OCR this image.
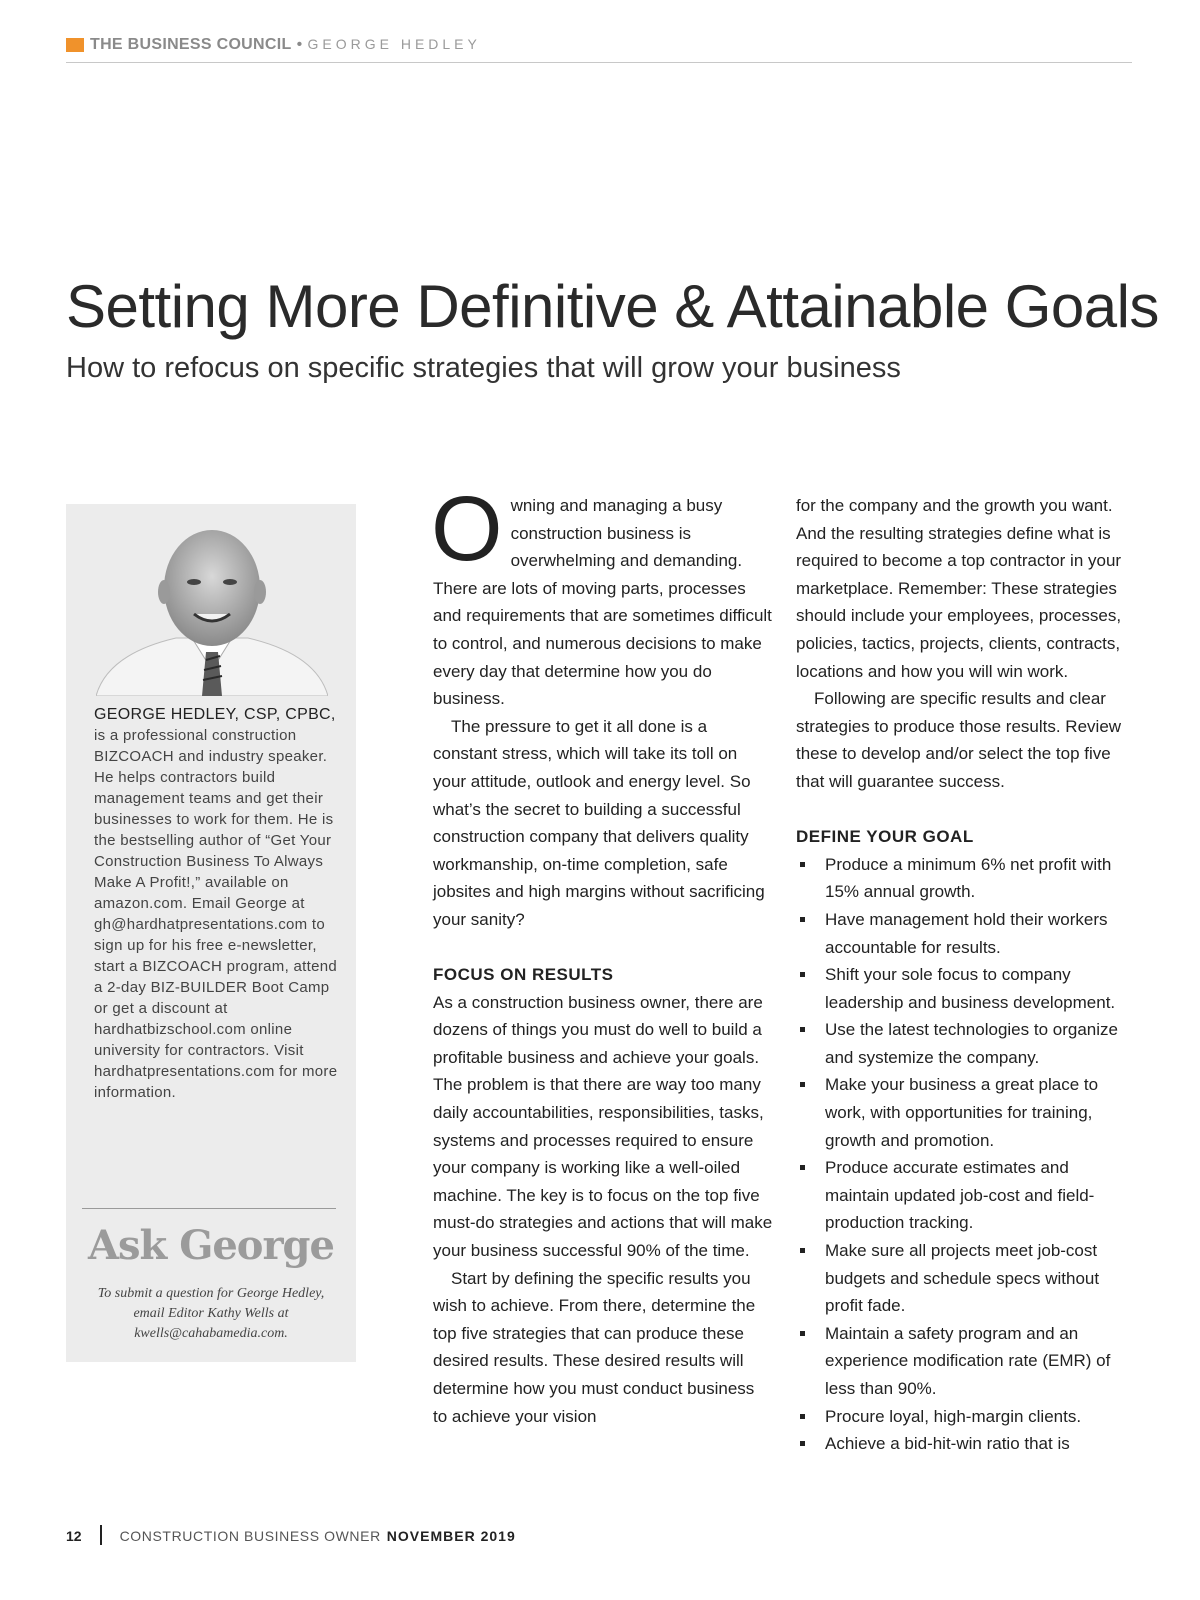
THE BUSINESS COUNCIL • GEORGE HEDLEY
Setting More Definitive & Attainable Goals
How to refocus on specific strategies that will grow your business
GEORGE HEDLEY, CSP, CPBC, is a professional construction BIZCOACH and industry speaker. He helps contractors build management teams and get their businesses to work for them. He is the bestselling author of “Get Your Construction Business To Always Make A Profit!,” available on amazon.com. Email George at gh@hardhatpresentations.com to sign up for his free e-newsletter, start a BIZCOACH program, attend a 2-day BIZ-BUILDER Boot Camp or get a discount at hardhatbizschool.com online university for contractors. Visit hardhatpresentations.com for more information.
Ask George
To submit a question for George Hedley, email Editor Kathy Wells at kwells@cahabamedia.com.

Owning and managing a busy construction business is overwhelming and demanding. There are lots of moving parts, processes and requirements that are sometimes difficult to control, and numerous decisions to make every day that determine how you do business.

The pressure to get it all done is a constant stress, which will take its toll on your attitude, outlook and energy level. So what’s the secret to building a successful construction company that delivers quality workmanship, on-time completion, safe jobsites and high margins without sacrificing your sanity?

FOCUS ON RESULTS

As a construction business owner, there are dozens of things you must do well to build a profitable business and achieve your goals. The problem is that there are way too many daily accountabilities, responsibilities, tasks, systems and processes required to ensure your company is working like a well-oiled machine. The key is to focus on the top five must-do strategies and actions that will make your business successful 90% of the time.

Start by defining the specific results you wish to achieve. From there, determine the top five strategies that can produce these desired results. These desired results will determine how you must conduct business to achieve your vision

for the company and the growth you want. And the resulting strategies define what is required to become a top contractor in your marketplace. Remember: These strategies should include your employees, processes, policies, tactics, projects, clients, contracts, locations and how you will win work.

Following are specific results and clear strategies to produce those results. Review these to develop and/or select the top five that will guarantee success.

DEFINE YOUR GOAL

Produce a minimum 6% net profit with 15% annual growth.
Have management hold their workers accountable for results.
Shift your sole focus to company leadership and business development.
Use the latest technologies to organize and systemize the company.
Make your business a great place to work, with opportunities for training, growth and promotion.
Produce accurate estimates and maintain updated job-cost and field-production tracking.
Make sure all projects meet job-cost budgets and schedule specs without profit fade.
Maintain a safety program and an experience modification rate (EMR) of less than 90%.
Procure loyal, high-margin clients.
Achieve a bid-hit-win ratio that is
12	CONSTRUCTION BUSINESS OWNER NOVEMBER 2019
